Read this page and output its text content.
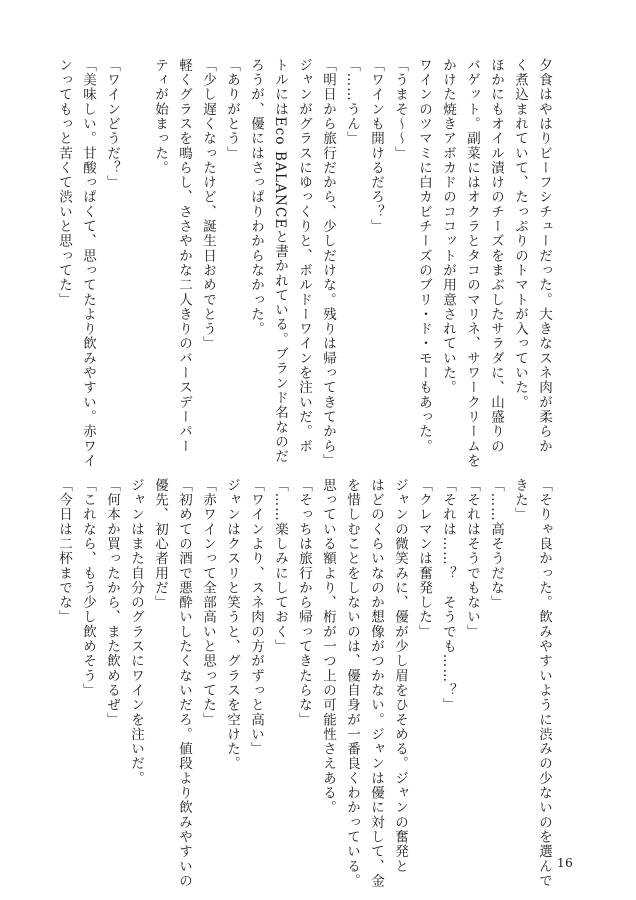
夕食はやはりビーフシチューだった。大きなスネ肉が柔らか
く煮込まれていて、たっぷりのトマトが入っていた。
ほかにもオイル漬けのチーズをまぶしたサラダに、山盛りの
バゲット。副菜にはオクラとタコのマリネ、サワークリームを
かけた焼きアボカドのココットが用意されていた。
ワインのツマミに白カビチーズのブリ・ド・モーもあった。
「うまそ〜〜」
「ワインも開けるだろ？」
「……うん」
「明日から旅行だから、少しだけな。残りは帰ってきてから」
ジャンがグラスにゆっくりと、ボルドーワインを注いだ。ボ
トルにはEco BALANCEと書かれている。ブランド名なのだ
ろうが、優にはさっぱりわからなかった。
「ありがとう」
「少し遅くなったけど、誕生日おめでとう」
軽くグラスを鳴らし、ささやかな二人きりのバースデーパー
ティが始まった。

「ワインどうだ？」
「美味しい。甘酸っぱくて、思ってたより飲みやすい。赤ワイ
ンってもっと苦くて渋いと思ってた」
「そりゃ良かった。飲みやすいように渋みの少ないのを選んで
きた」
「……高そうだな」
「それはそうでもない」
「それは……？　そうでも……？」
「クレマンは奮発した」
ジャンの微笑みに、優が少し眉をひそめる。ジャンの奮発と
はどのくらいなのか想像がつかない。ジャンは優に対して、金
を惜しむことをしないのは、優自身が一番良くわかっている。
思っている額より、桁が一つ上の可能性さえある。
「そっちは旅行から帰ってきたらな」
「……楽しみにしておく」
「ワインより、スネ肉の方がずっと高い」
ジャンはクスリと笑うと、グラスを空けた。
「赤ワインって全部高いと思ってた」
「初めての酒で悪酔いしたくないだろ。値段より飲みやすいの
優先、初心者用だ」
ジャンはまた自分のグラスにワインを注いだ。
「何本か買ったから、また飲めるぜ」
「これなら、もう少し飲めそう」
「今日は二杯までな」
16
